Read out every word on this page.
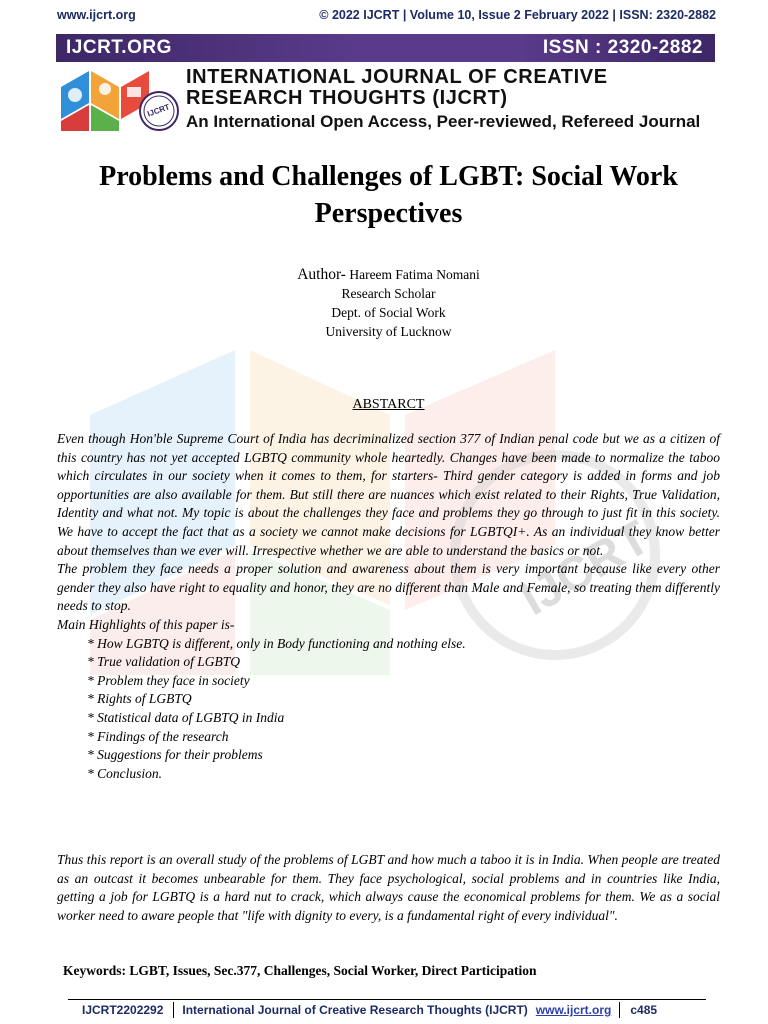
www.ijcrt.org	© 2022 IJCRT | Volume 10, Issue 2 February 2022 | ISSN: 2320-2882
IJCRT.ORG	ISSN : 2320-2882
IJCRT
INTERNATIONAL JOURNAL OF CREATIVE
RESEARCH THOUGHTS (IJCRT)
An International Open Access, Peer-reviewed, Refereed Journal
IJCRT
Problems and Challenges of LGBT: Social Work Perspectives
Author- Hareem Fatima Nomani
Research Scholar
Dept. of Social Work
University of Lucknow
ABSTARCT

Even though Hon'ble Supreme Court of India has decriminalized section 377 of Indian penal code but we as a citizen of this country has not yet accepted LGBTQ community whole heartedly. Changes have been made to normalize the taboo which circulates in our society when it comes to them, for starters- Third gender category is added in forms and job opportunities are also available for them. But still there are nuances which exist related to their Rights, True Validation, Identity and what not. My topic is about the challenges they face and problems they go through to just fit in this society. We have to accept the fact that as a society we cannot make decisions for LGBTQI+. As an individual they know better about themselves than we ever will. Irrespective whether we are able to understand the basics or not.

The problem they face needs a proper solution and awareness about them is very important because like every other gender they also have right to equality and honor, they are no different than Male and Female, so treating them differently needs to stop.

Main Highlights of this paper is-

* How LGBTQ is different, only in Body functioning and nothing else.
* True validation of LGBTQ
* Problem they face in society
* Rights of LGBTQ
* Statistical data of LGBTQ in India
* Findings of the research
* Suggestions for their problems
* Conclusion.
Thus this report is an overall study of the problems of LGBT and how much a taboo it is in India. When people are treated as an outcast it becomes unbearable for them. They face psychological, social problems and in countries like India, getting a job for LGBTQ is a hard nut to crack, which always cause the economical problems for them. We as a social worker need to aware people that "life with dignity to every, is a fundamental right of every individual".
Keywords: LGBT, Issues, Sec.377, Challenges, Social Worker, Direct Participation
IJCRT2202292	International Journal of Creative Research Thoughts (IJCRT) www.ijcrt.org	c485
